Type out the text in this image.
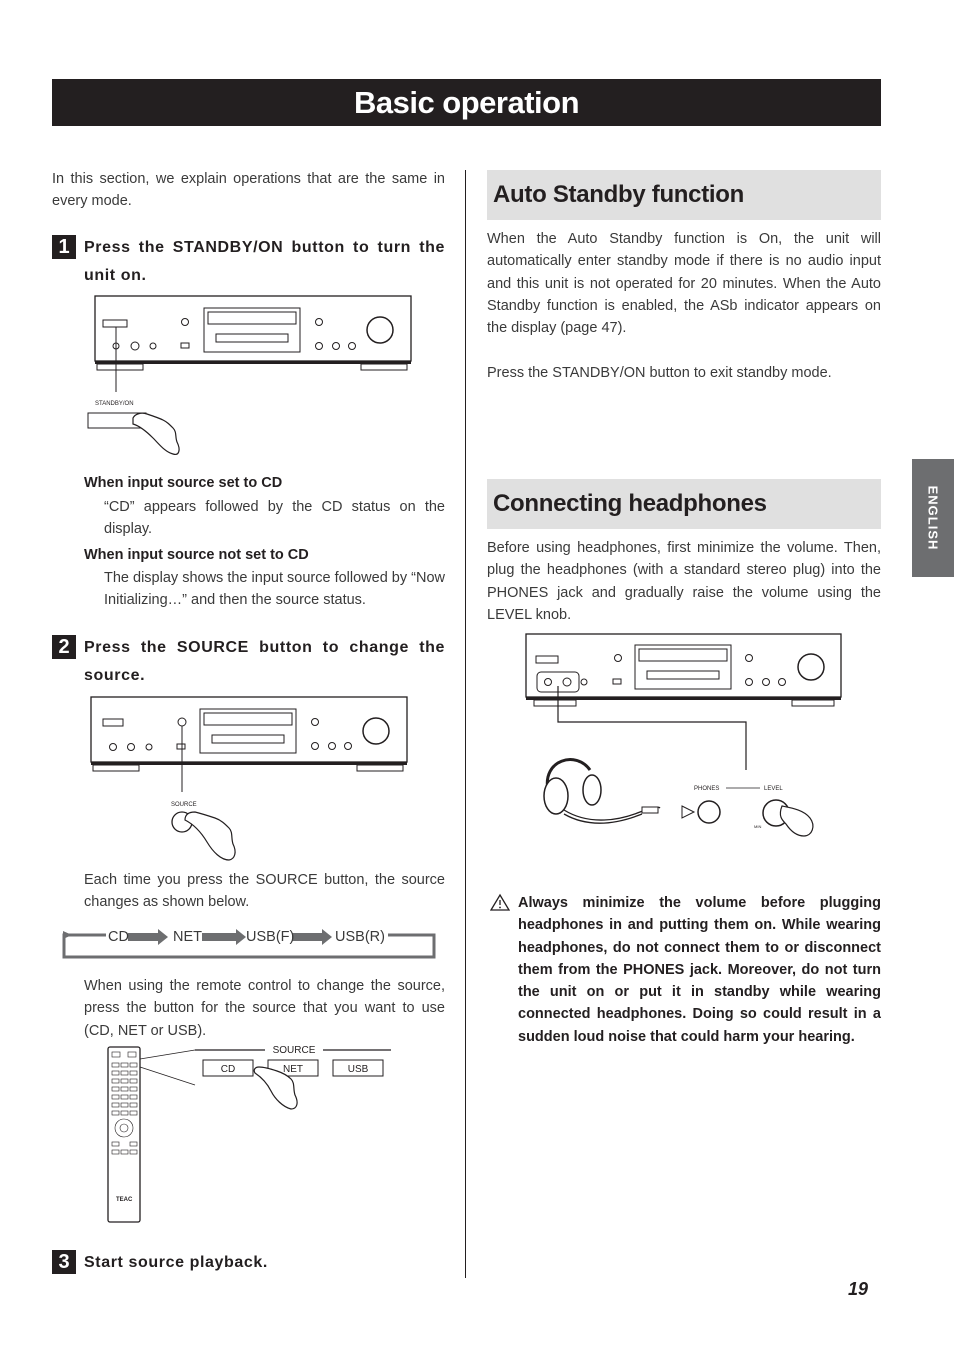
Basic operation
In this section, we explain operations that are the same in every mode.
1 Press the STANDBY/ON button to turn the unit on.
STANDBY/ON
When input source set to CD
“CD” appears followed by the CD status on the display.
When input source not set to CD
The display shows the input source followed by “Now Initializing…” and then the source status.
2 Press the SOURCE button to change the source.
SOURCE
Each time you press the SOURCE button, the source changes as shown below.
CD	NET	USB(F)	USB(R)
When using the remote control to change the source, press the button for the source that you want to use (CD, NET or USB).
TEAC
SOURCE
CD	NET	USB
3 Start source playback.
Auto Standby function
When the Auto Standby function is On, the unit will automatically enter standby mode if there is no audio input and this unit is not operated for 20 minutes. When the Auto Standby function is enabled, the ASb indicator appears on the display (page 47).
Press the STANDBY/ON button to exit standby mode.
Connecting headphones
Before using headphones, first minimize the volume. Then, plug the headphones (with a standard stereo plug) into the PHONES jack and gradually raise the volume using the LEVEL knob.
PHONES	LEVEL
MIN
Always minimize the volume before plugging headphones in and putting them on. While wearing headphones, do not connect them to or disconnect them from the PHONES jack. Moreover, do not turn the unit on or put it in standby while wearing connected headphones. Doing so could result in a sudden loud noise that could harm your hearing.
ENGLISH
19
